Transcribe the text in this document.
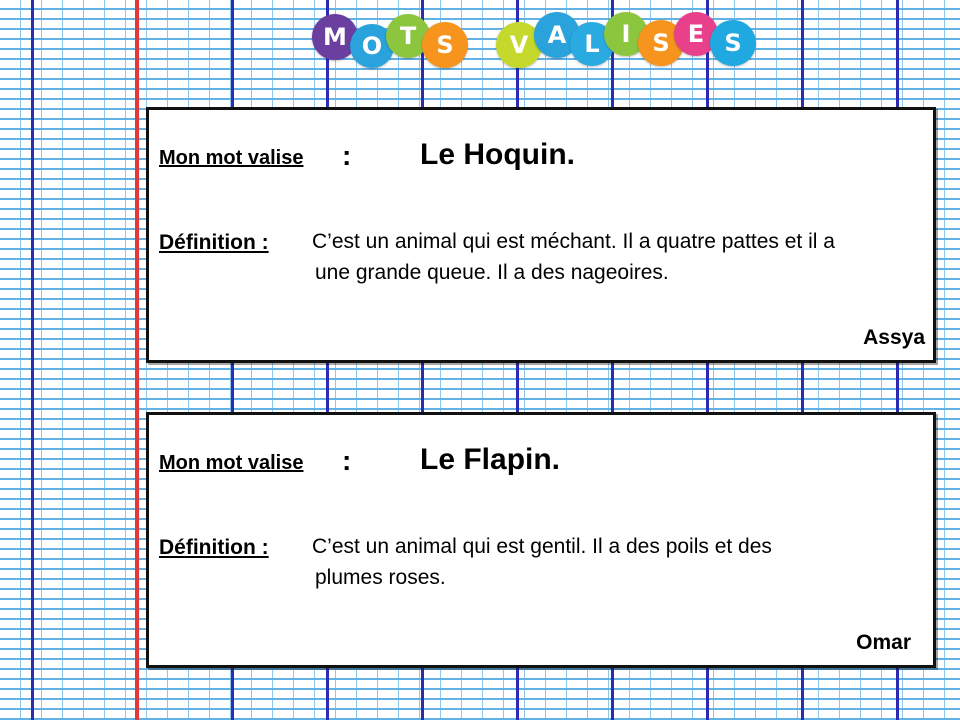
M O T S	V A L I S E S
Mon mot valise : Le Hoquin.
Définition : C’est un animal qui est méchant. Il a quatre pattes et il a
une grande queue. Il a des nageoires.
Assya
Mon mot valise : Le Flapin.
Définition : C’est un animal qui est gentil. Il a des poils et des
plumes roses.
Omar
